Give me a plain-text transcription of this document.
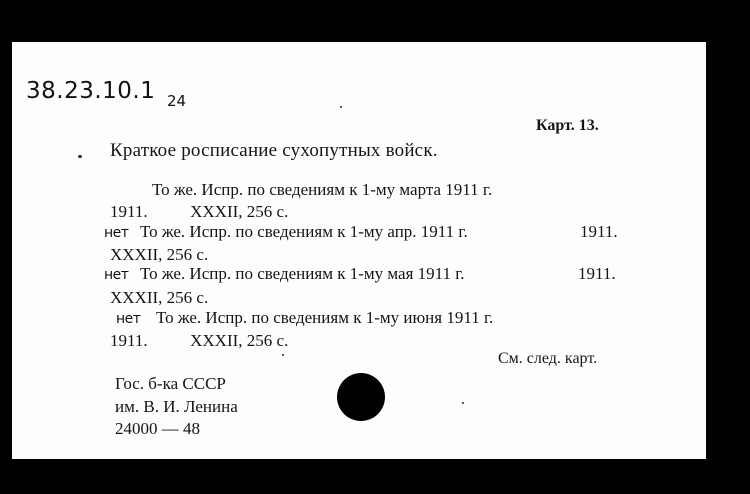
38.23.10.1 24
Карт. 13.
Краткое росписание сухопутных войск.
То же. Испр. по сведениям к 1-му марта 1911 г.
1911.          XXXII, 256 с.
нет То же. Испр. по сведениям к 1-му апр. 1911 г.	1911.
XXXII, 256 с.
нет То же. Испр. по сведениям к 1-му мая 1911 г.	1911.
XXXII, 256 с.
нет То же. Испр. по сведениям к 1-му июня 1911 г.
1911.          XXXII, 256 с.
См. след. карт.
Гос. б-ка СССР
им. В. И. Ленина
24000 — 48
